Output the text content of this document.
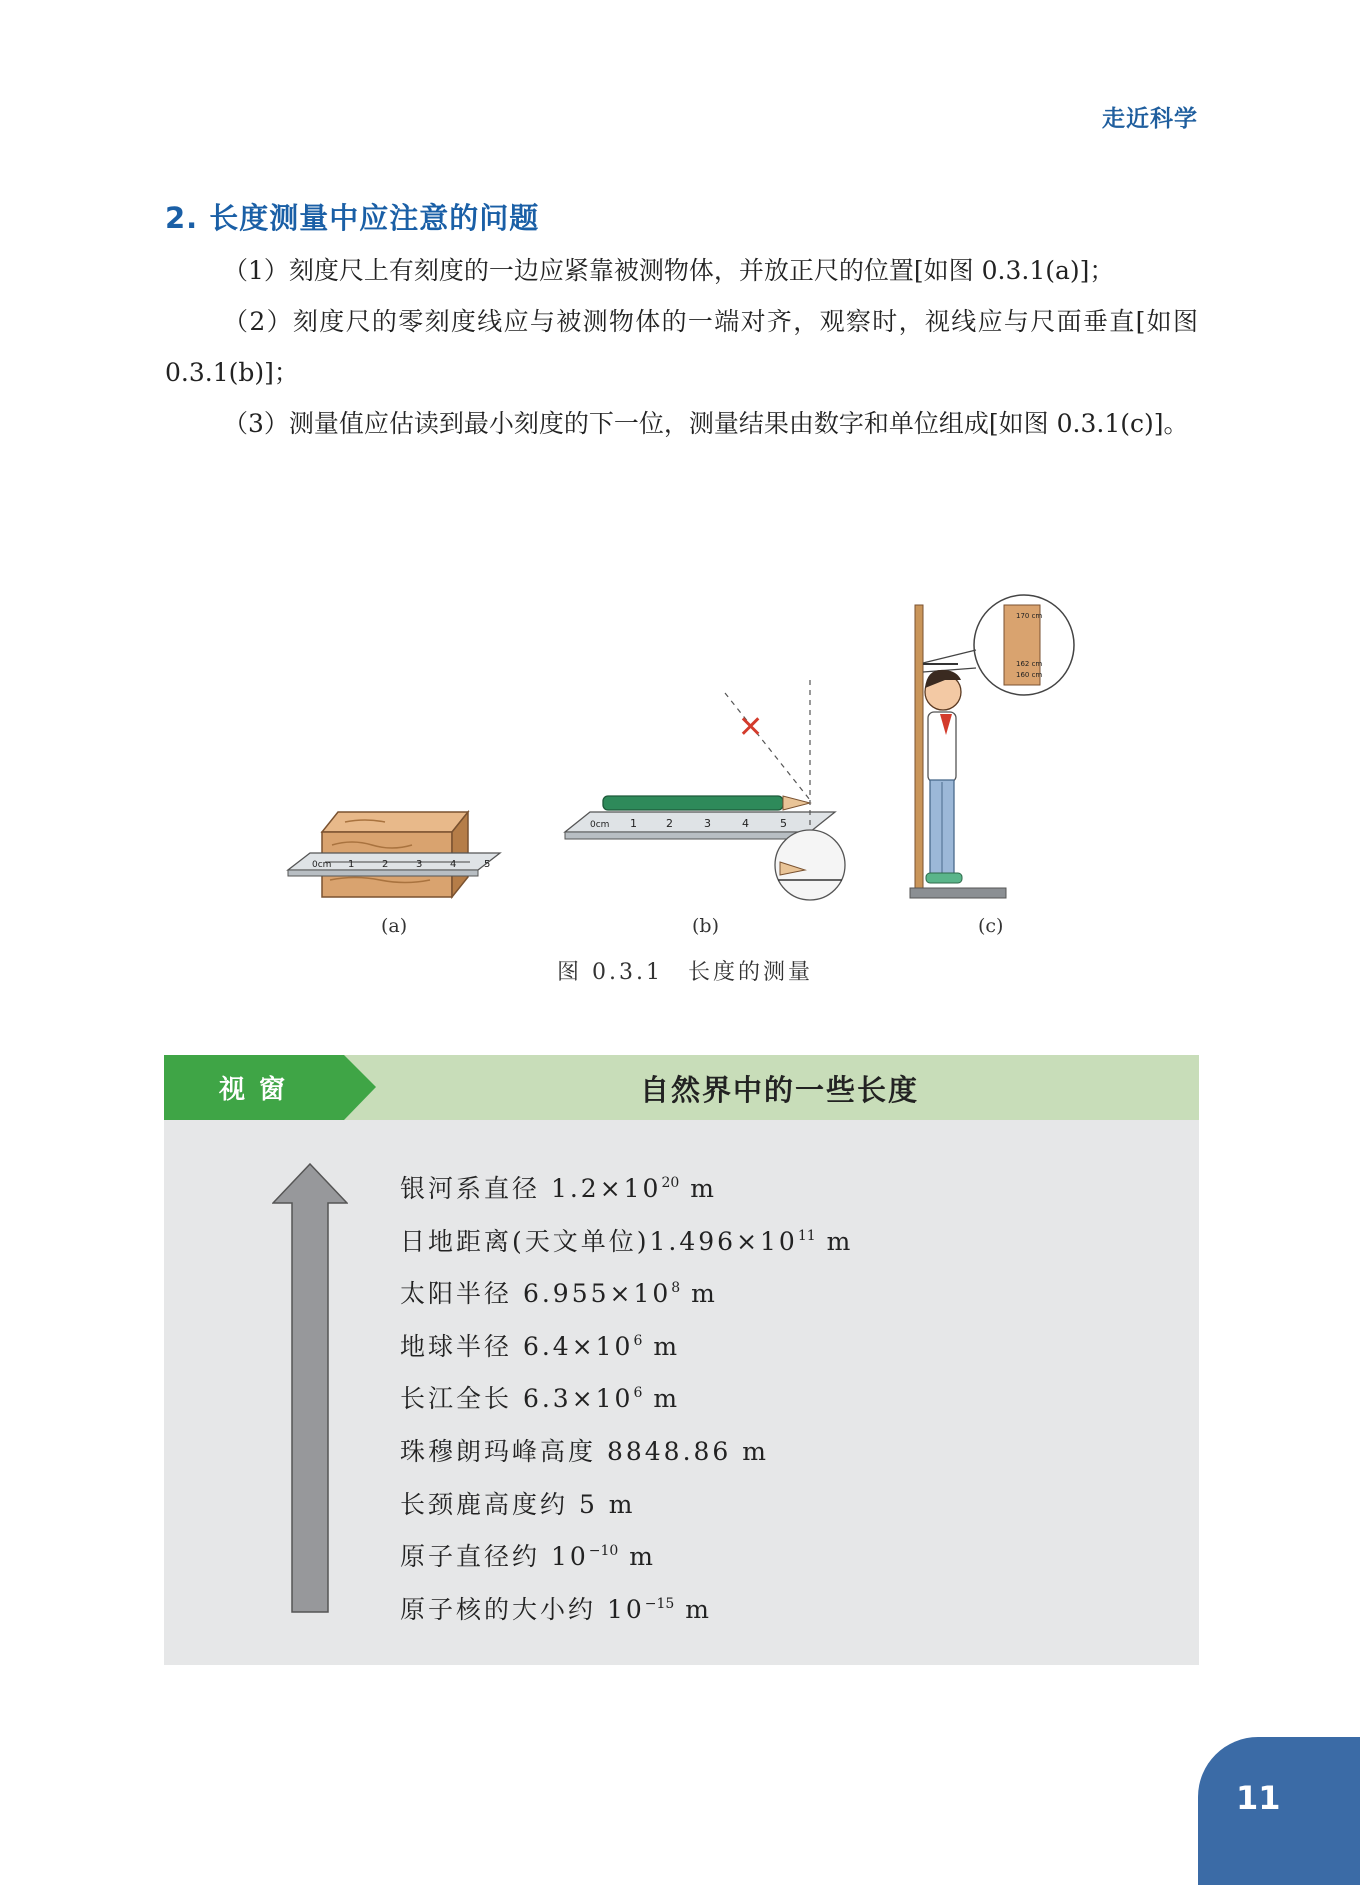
走近科学
2. 长度测量中应注意的问题

（1）刻度尺上有刻度的一边应紧靠被测物体，并放正尺的位置[如图 0.3.1(a)]；

（2）刻度尺的零刻度线应与被测物体的一端对齐，观察时，视线应与尺面垂直[如图 0.3.1(b)]；

（3）测量值应估读到最小刻度的下一位，测量结果由数字和单位组成[如图 0.3.1(c)]。

✕
0cm 1	2	3	4	5
0cm 1	2	3	4	5
170 cm
162 cm
160 cm
(a)	(b)	(c)
图 0.3.1　长度的测量
视窗	自然界中的一些长度
银河系直径 $1.2\times 10^{20}$ m
日地距离(天文单位)$1.496\times 10^{11}$ m
太阳半径 $6.955\times 10^8$ m
地球半径 $6.4\times 10^6$ m
长江全长 $6.3\times 10^6$ m
珠穆朗玛峰高度 8848.86 m
长颈鹿高度约 5 m
原子直径约 $10^{-10}$ m
原子核的大小约 $10^{-15}$ m
11
